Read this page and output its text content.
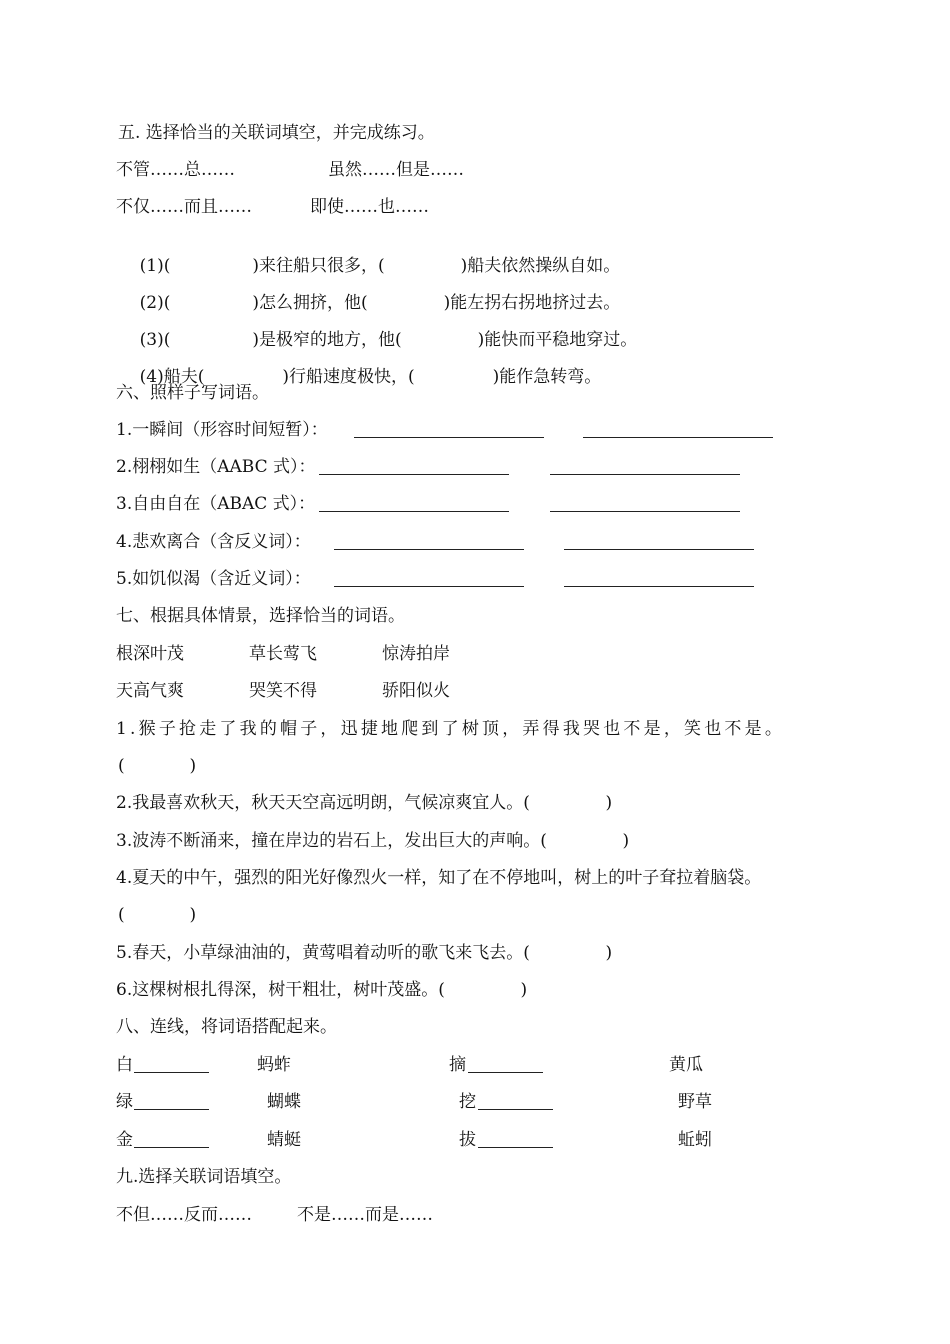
五. 选择恰当的关联词填空，并完成练习。
不管……总……	虽然……但是……
不仅……而且……	即使……也……

(1)(	)来往船只很多，(	)船夫依然操纵自如。

(2)(	)怎么拥挤，他(	)能左拐右拐地挤过去。

(3)(	)是极窄的地方，他(	)能快而平稳地穿过。

(4)船夫(	)行船速度极快，(	)能作急转弯。

六、照样子写词语。
1.一瞬间（形容时间短暂）：
2.栩栩如生（AABC 式）：
3.自由自在（ABAC 式）：
4.悲欢离合（含反义词）：
5.如饥似渴（含近义词）：
七、根据具体情景，选择恰当的词语。
根深叶茂	草长莺飞	惊涛拍岸
天高气爽	哭笑不得	骄阳似火
1.猴子抢走了我的帽子，迅捷地爬到了树顶，弄得我哭也不是，笑也不是。
(            )
2.我最喜欢秋天，秋天天空高远明朗，气候凉爽宜人。(              )
3.波涛不断涌来，撞在岸边的岩石上，发出巨大的声响。(              )
4.夏天的中午，强烈的阳光好像烈火一样，知了在不停地叫，树上的叶子耷拉着脑袋。
(            )
5.春天，小草绿油油的，黄莺唱着动听的歌飞来飞去。(              )
6.这棵树根扎得深，树干粗壮，树叶茂盛。(              )
八、连线，将词语搭配起来。
白	蚂蚱	摘	黄瓜
绿	蝴蝶	挖	野草
金	蜻蜓	拔	蚯蚓
九.选择关联词语填空。
不但……反而……	不是……而是……
